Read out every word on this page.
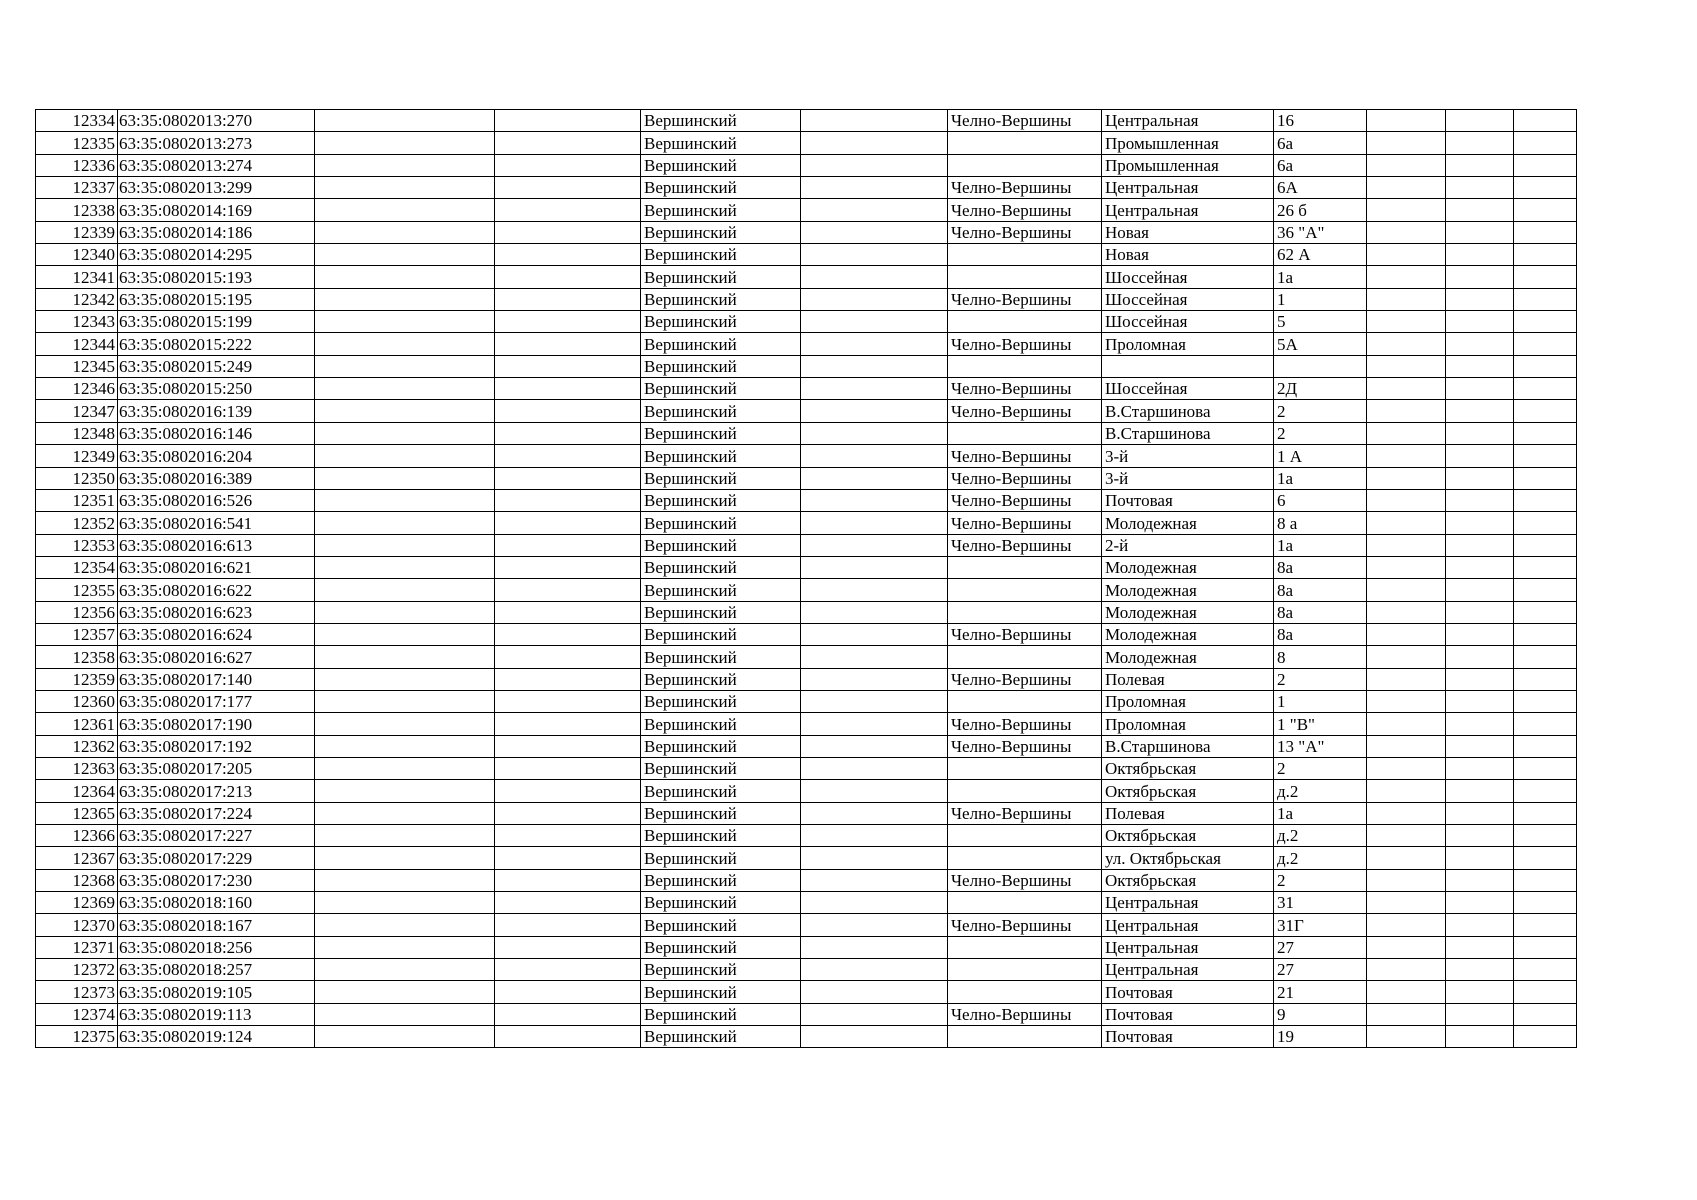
12334	63:35:0802013:270			Вершинский		Челно-Вершины	Центральная	16			
12335	63:35:0802013:273			Вершинский			Промышленная	6а			
12336	63:35:0802013:274			Вершинский			Промышленная	6а			
12337	63:35:0802013:299			Вершинский		Челно-Вершины	Центральная	6А			
12338	63:35:0802014:169			Вершинский		Челно-Вершины	Центральная	26 б			
12339	63:35:0802014:186			Вершинский		Челно-Вершины	Новая	36 "А"			
12340	63:35:0802014:295			Вершинский			Новая	62 А			
12341	63:35:0802015:193			Вершинский			Шоссейная	1а			
12342	63:35:0802015:195			Вершинский		Челно-Вершины	Шоссейная	1			
12343	63:35:0802015:199			Вершинский			Шоссейная	5			
12344	63:35:0802015:222			Вершинский		Челно-Вершины	Проломная	5А			
12345	63:35:0802015:249			Вершинский							
12346	63:35:0802015:250			Вершинский		Челно-Вершины	Шоссейная	2Д			
12347	63:35:0802016:139			Вершинский		Челно-Вершины	В.Старшинова	2			
12348	63:35:0802016:146			Вершинский			В.Старшинова	2			
12349	63:35:0802016:204			Вершинский		Челно-Вершины	3-й	1 А			
12350	63:35:0802016:389			Вершинский		Челно-Вершины	3-й	1а			
12351	63:35:0802016:526			Вершинский		Челно-Вершины	Почтовая	6			
12352	63:35:0802016:541			Вершинский		Челно-Вершины	Молодежная	8 а			
12353	63:35:0802016:613			Вершинский		Челно-Вершины	2-й	1а			
12354	63:35:0802016:621			Вершинский			Молодежная	8а			
12355	63:35:0802016:622			Вершинский			Молодежная	8а			
12356	63:35:0802016:623			Вершинский			Молодежная	8а			
12357	63:35:0802016:624			Вершинский		Челно-Вершины	Молодежная	8а			
12358	63:35:0802016:627			Вершинский			Молодежная	8			
12359	63:35:0802017:140			Вершинский		Челно-Вершины	Полевая	2			
12360	63:35:0802017:177			Вершинский			Проломная	1			
12361	63:35:0802017:190			Вершинский		Челно-Вершины	Проломная	1 "В"			
12362	63:35:0802017:192			Вершинский		Челно-Вершины	В.Старшинова	13 "А"			
12363	63:35:0802017:205			Вершинский			Октябрьская	2			
12364	63:35:0802017:213			Вершинский			Октябрьская	д.2			
12365	63:35:0802017:224			Вершинский		Челно-Вершины	Полевая	1а			
12366	63:35:0802017:227			Вершинский			Октябрьская	д.2			
12367	63:35:0802017:229			Вершинский			ул. Октябрьская	д.2			
12368	63:35:0802017:230			Вершинский		Челно-Вершины	Октябрьская	2			
12369	63:35:0802018:160			Вершинский			Центральная	31			
12370	63:35:0802018:167			Вершинский		Челно-Вершины	Центральная	31Г			
12371	63:35:0802018:256			Вершинский			Центральная	27			
12372	63:35:0802018:257			Вершинский			Центральная	27			
12373	63:35:0802019:105			Вершинский			Почтовая	21			
12374	63:35:0802019:113			Вершинский		Челно-Вершины	Почтовая	9			
12375	63:35:0802019:124			Вершинский			Почтовая	19			
